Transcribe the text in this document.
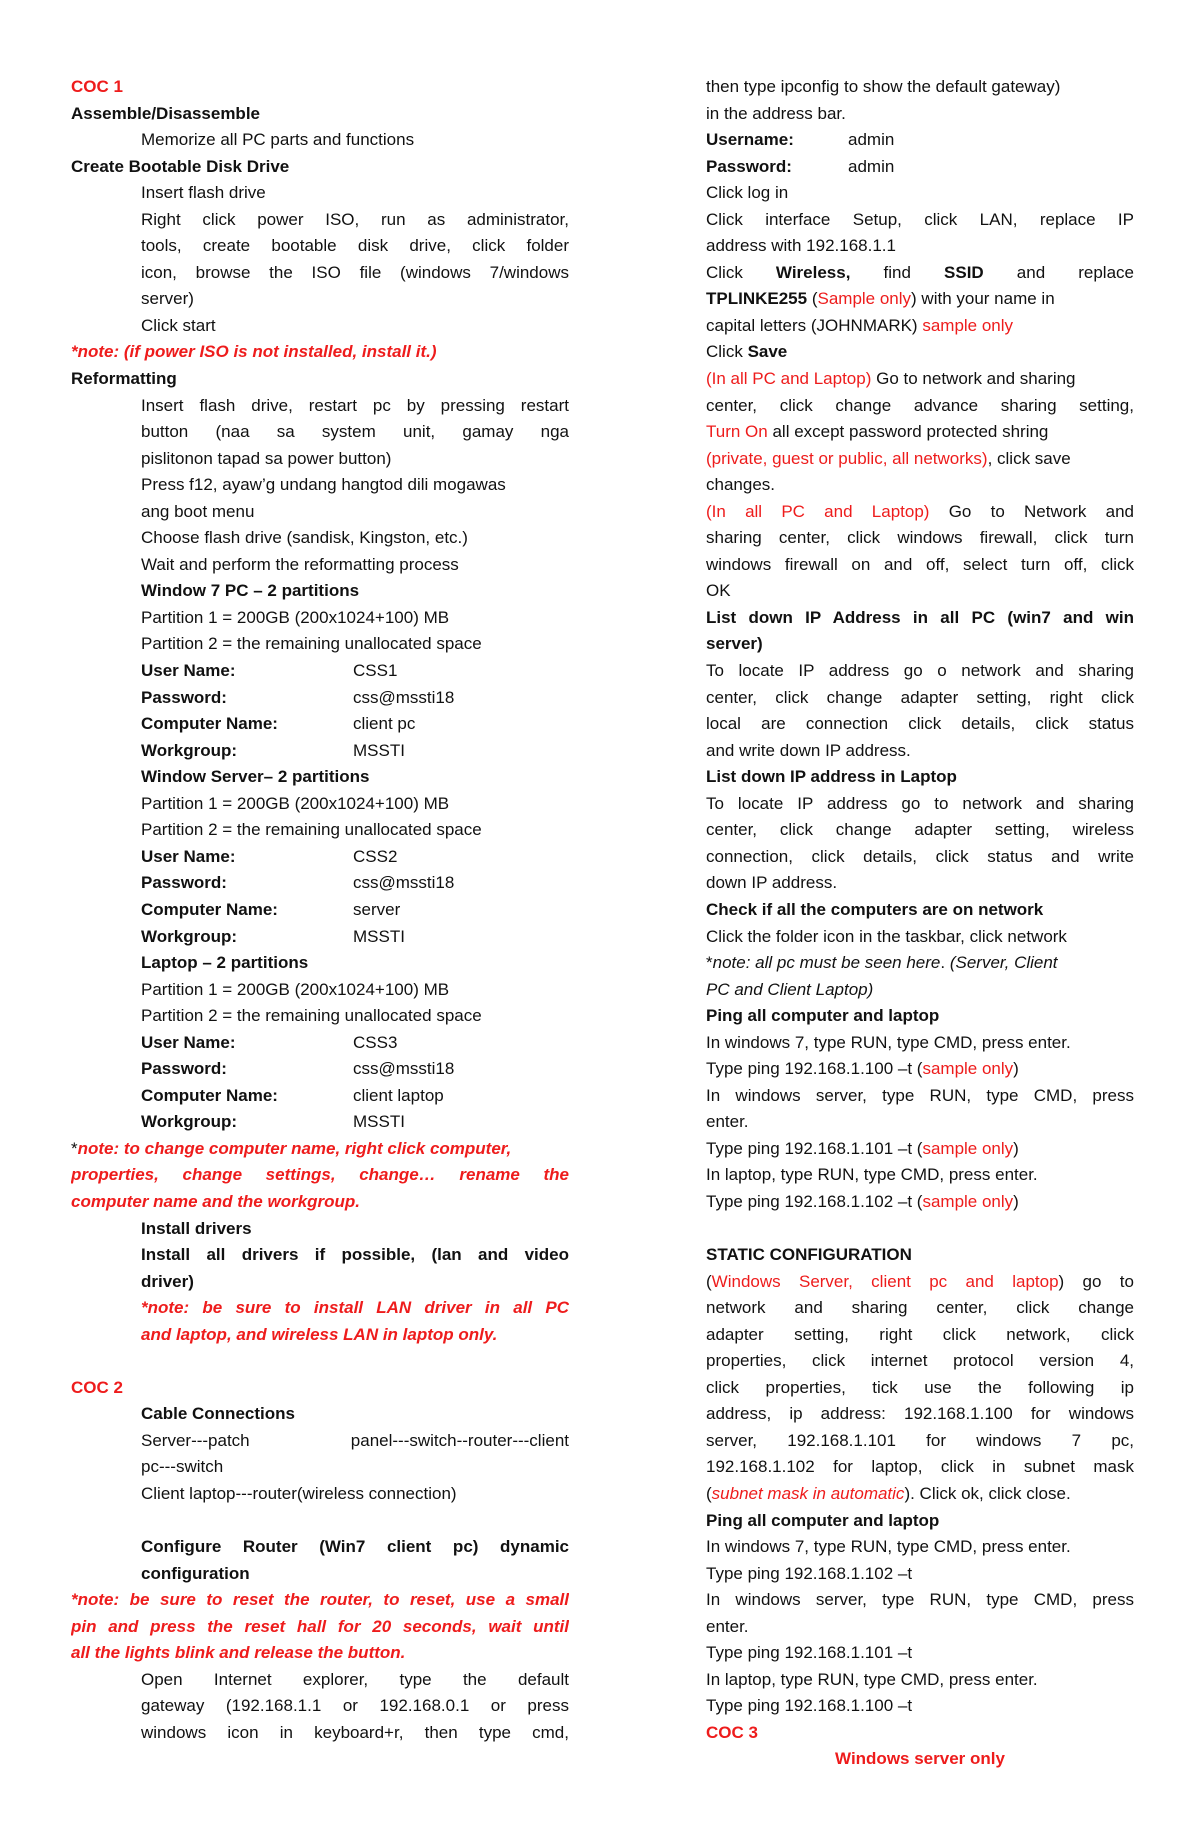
COC 1
Assemble/Disassemble
• Memorize all PC parts and functions
Create Bootable Disk Drive
• Insert flash drive
• Right click power ISO, run as administrator,
tools, create bootable disk drive, click folder
icon, browse the ISO file (windows 7/windows
server)
• Click start
*note: (if power ISO is not installed, install it.)
Reformatting
• Insert flash drive, restart pc by pressing restart
button (naa sa system unit, gamay nga
pislitonon tapad sa power button)
• Press f12, ayaw’g undang hangtod dili mogawas
ang boot menu
• Choose flash drive (sandisk, Kingston, etc.)
• Wait and perform the reformatting process
• Window 7 PC – 2 partitions
Partition 1 = 200GB (200x1024+100) MB
Partition 2 = the remaining unallocated space
User Name:	CSS1
Password:	css@mssti18
Computer Name:	client pc
Workgroup:	MSSTI
• Window Server– 2 partitions
Partition 1 = 200GB (200x1024+100) MB
Partition 2 = the remaining unallocated space
User Name:	CSS2
Password:	css@mssti18
Computer Name:	server
Workgroup:	MSSTI
• Laptop – 2 partitions
Partition 1 = 200GB (200x1024+100) MB
Partition 2 = the remaining unallocated space
User Name:	CSS3
Password:	css@mssti18
Computer Name:	client laptop
Workgroup:	MSSTI
*note: to change computer name, right click computer,
properties, change settings, change… rename the
computer name and the workgroup.
• Install drivers
Install all drivers if possible, (lan and video
driver)
• *note: be sure to install LAN driver in all PC
and laptop, and wireless LAN in laptop only.
COC 2
• Cable Connections
Server---patch panel---switch--router---client
pc---switch
Client laptop---router(wireless connection)
• Configure Router (Win7 client pc) dynamic
configuration
*note: be sure to reset the router, to reset, use a small
pin and press the reset hall for 20 seconds, wait until
all the lights blink and release the button.
Open Internet explorer, type the default
gateway (192.168.1.1 or 192.168.0.1 or press
windows icon in keyboard+r, then type cmd,
then type ipconfig to show the default gateway)
in the address bar.
Username:	admin
Password:	admin
Click log in
• Click interface Setup, click LAN, replace IP
address with 192.168.1.1
• Click Wireless, find SSID and replace
TPLINKE255 (Sample only) with your name in
capital letters (JOHNMARK) sample only
• Click Save
• (In all PC and Laptop) Go to network and sharing
center, click change advance sharing setting,
Turn On all except password protected shring
(private, guest or public, all networks), click save
changes.
• (In all PC and Laptop) Go to Network and
sharing center, click windows firewall, click turn
windows firewall on and off, select turn off, click
OK
• List down IP Address in all PC (win7 and win
server)
To locate IP address go o network and sharing
center, click change adapter setting, right click
local are connection click details, click status
and write down IP address.
• List down IP address in Laptop
To locate IP address go to network and sharing
center, click change adapter setting, wireless
connection, click details, click status and write
down IP address.
• Check if all the computers are on network
Click the folder icon in the taskbar, click network
*note: all pc must be seen here. (Server, Client
PC and Client Laptop)
• Ping all computer and laptop
In windows 7, type RUN, type CMD, press enter.
Type ping 192.168.1.100 –t (sample only)
In windows server, type RUN, type CMD, press
enter.
Type ping 192.168.1.101 –t (sample only)
In laptop, type RUN, type CMD, press enter.
Type ping 192.168.1.102 –t (sample only)
• STATIC CONFIGURATION
(Windows Server, client pc and laptop) go to
network and sharing center, click change
adapter setting, right click network, click
properties, click internet protocol version 4,
click properties, tick use the following ip
address, ip address: 192.168.1.100 for windows
server, 192.168.1.101 for windows 7 pc,
192.168.1.102 for laptop, click in subnet mask
(subnet mask in automatic). Click ok, click close.
• Ping all computer and laptop
• In windows 7, type RUN, type CMD, press enter.
Type ping 192.168.1.102 –t
In windows server, type RUN, type CMD, press
enter.
Type ping 192.168.1.101 –t
In laptop, type RUN, type CMD, press enter.
Type ping 192.168.1.100 –t
COC 3
Windows server only
